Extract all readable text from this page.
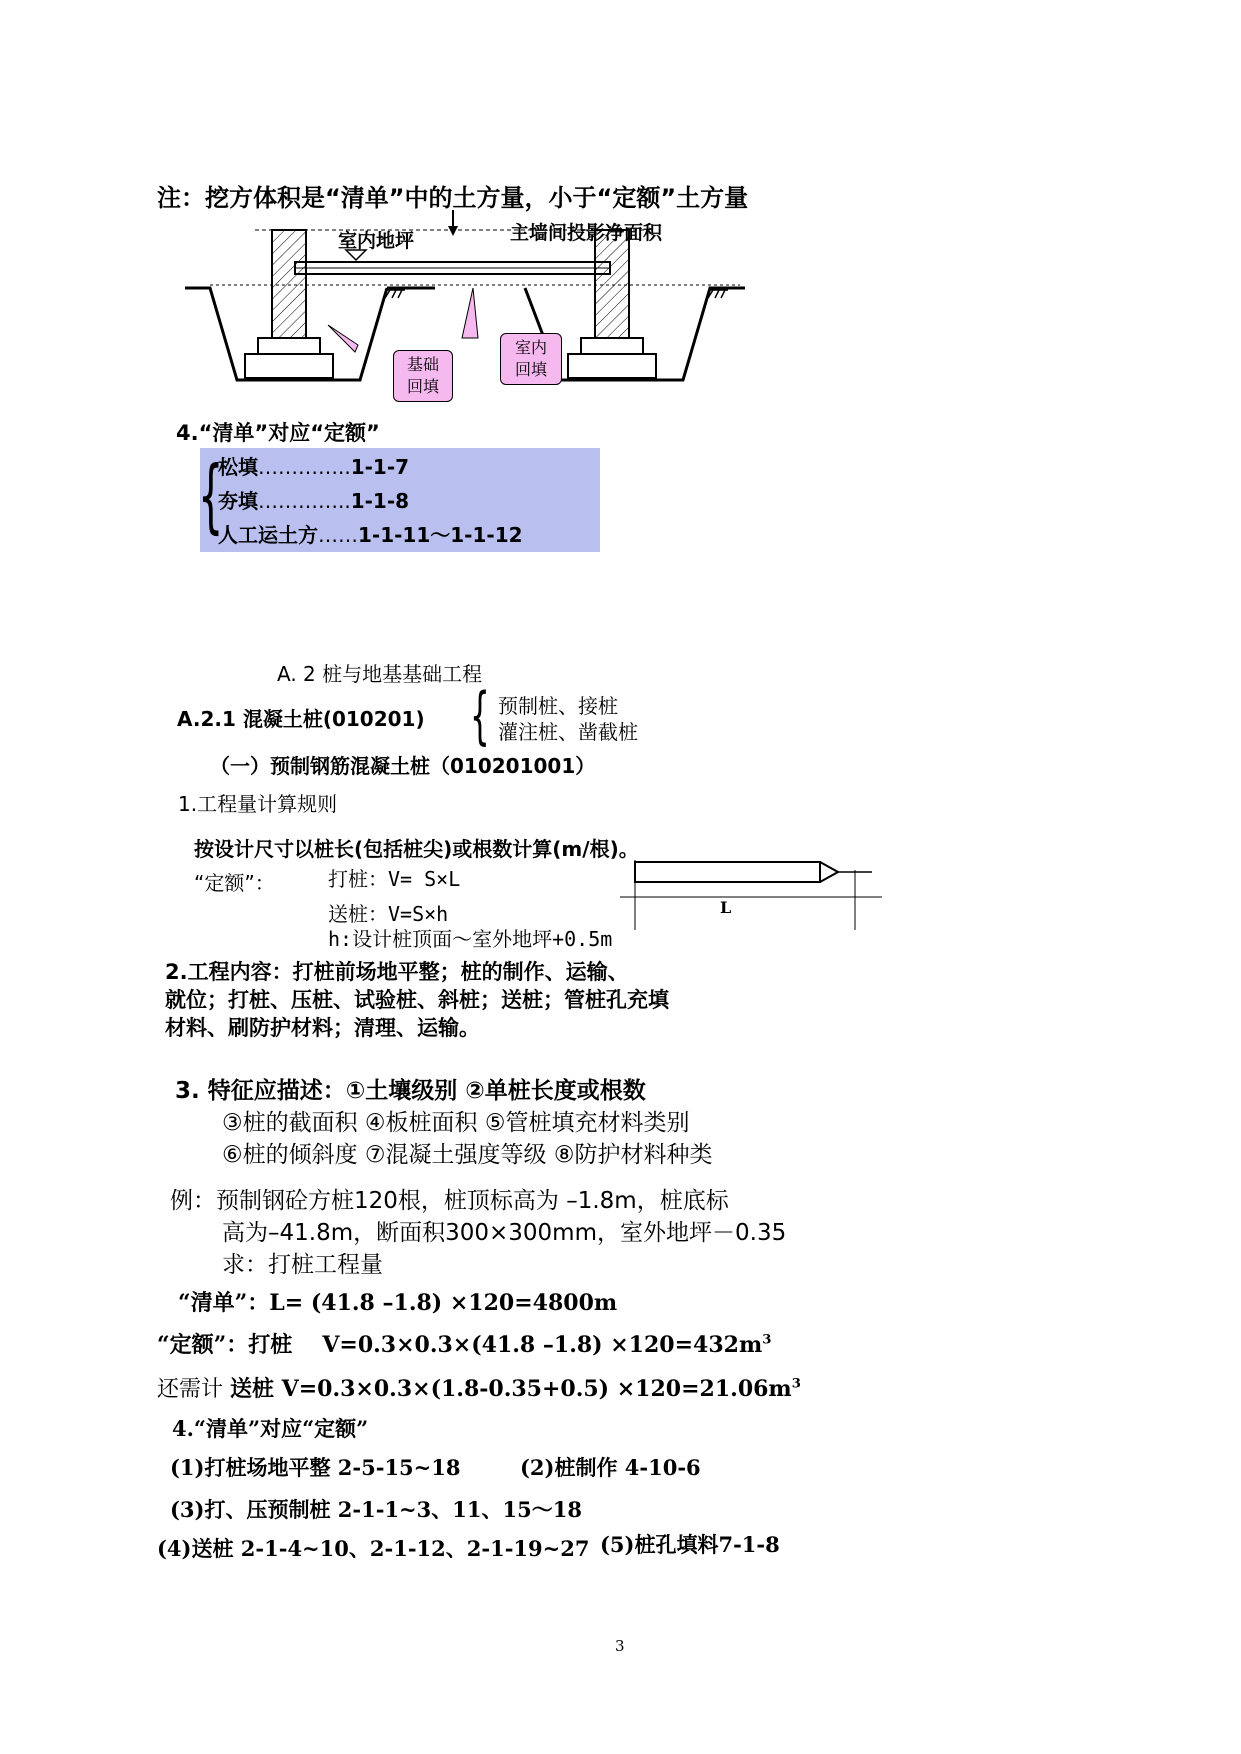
注：挖方体积是“清单”中的土方量，小于“定额”土方量
室内地坪	主墙间投影净面积
基础
回填
室内
回填
4.“清单”对应“定额”
{
松填…………..1-1-7
夯填…………..1-1-8
人工运土方……1-1-11～1-1-12
A. 2 桩与地基基础工程
A.2.1 混凝土桩(010201) { 预制桩、接桩
灌注桩、凿截桩
（一）预制钢筋混凝土桩（010201001）
1.工程量计算规则
按设计尺寸以桩长(包括桩尖)或根数计算(m/根)。
“定额”：	打桩：V= S×L
送桩：V=S×h
h:设计桩顶面～室外地坪+0.5m
L
2.工程内容：打桩前场地平整；桩的制作、运输、
就位；打桩、压桩、试验桩、斜桩；送桩；管桩孔充填
材料、刷防护材料；清理、运输。
3. 特征应描述：①土壤级别 ②单桩长度或根数
③桩的截面积 ④板桩面积 ⑤管桩填充材料类别
⑥桩的倾斜度 ⑦混凝土强度等级 ⑧防护材料种类
例：预制钢砼方桩120根，桩顶标高为 –1.8m，桩底标
高为–41.8m，断面积300×300mm，室外地坪－0.35
求：打桩工程量
“清单”：L= (41.8 –1.8) ×120=4800m
“定额”：打桩 V=0.3×0.3×(41.8 $-1.8) \times 120=432m^3$
还需计 送桩 $V=0.3\times 0.3\times(1.8-0.35+0.5) \times 120=21.06m^3$
4.“清单”对应“定额”
(1)打桩场地平整 2-5-15~18	(2)桩制作 4-10-6
(3)打、压预制桩 2-1-1~3、11、15～18
(4)送桩 2-1-4~10、2-1-12、2-1-19~27 (5)桩孔填料7-1-8
3
